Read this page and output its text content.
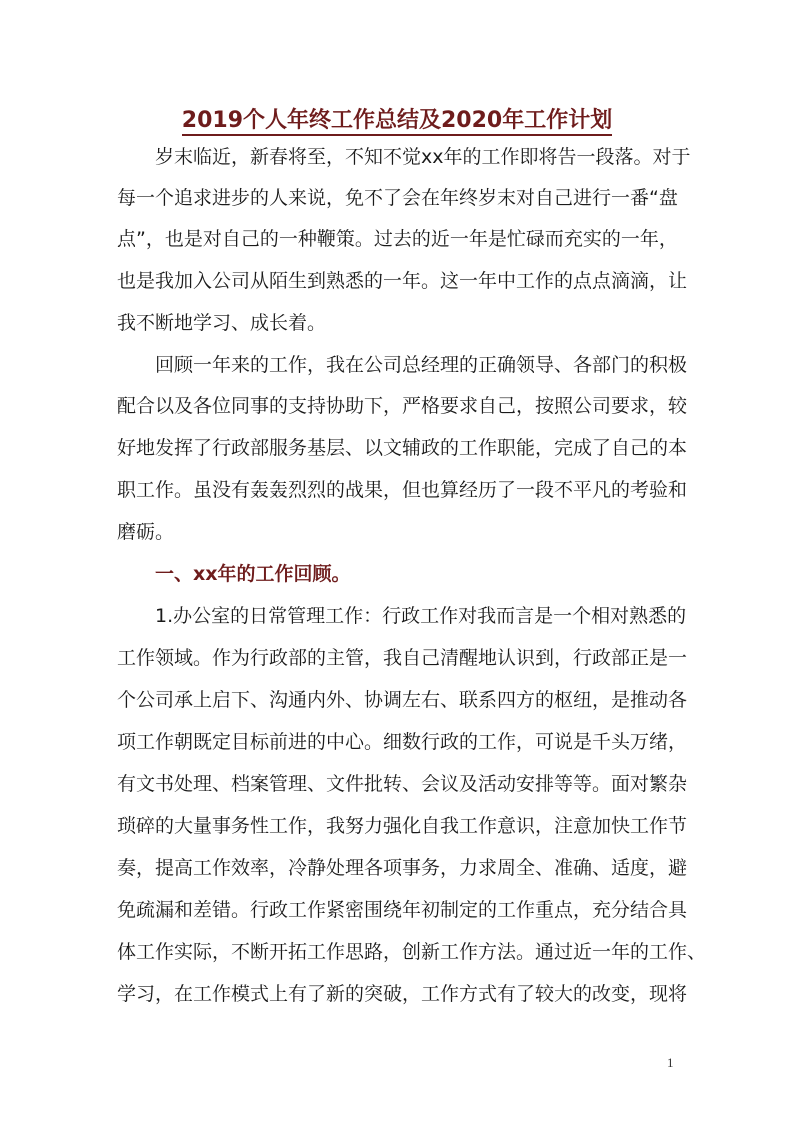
2019个人年终工作总结及2020年工作计划
岁末临近，新春将至，不知不觉xx年的工作即将告一段落。对于
每一个追求进步的人来说，免不了会在年终岁末对自己进行一番“盘
点”，也是对自己的一种鞭策。过去的近一年是忙碌而充实的一年，
也是我加入公司从陌生到熟悉的一年。这一年中工作的点点滴滴，让
我不断地学习、成长着。
回顾一年来的工作，我在公司总经理的正确领导、各部门的积极
配合以及各位同事的支持协助下，严格要求自己，按照公司要求，较
好地发挥了行政部服务基层、以文辅政的工作职能，完成了自己的本
职工作。虽没有轰轰烈烈的战果，但也算经历了一段不平凡的考验和
磨砺。
一、xx年的工作回顾。
1.办公室的日常管理工作：行政工作对我而言是一个相对熟悉的
工作领域。作为行政部的主管，我自己清醒地认识到，行政部正是一
个公司承上启下、沟通内外、协调左右、联系四方的枢纽，是推动各
项工作朝既定目标前进的中心。细数行政的工作，可说是千头万绪，
有文书处理、档案管理、文件批转、会议及活动安排等等。面对繁杂
琐碎的大量事务性工作，我努力强化自我工作意识，注意加快工作节
奏，提高工作效率，冷静处理各项事务，力求周全、准确、适度，避
免疏漏和差错。行政工作紧密围绕年初制定的工作重点，充分结合具
体工作实际，不断开拓工作思路，创新工作方法。通过近一年的工作、
学习，在工作模式上有了新的突破，工作方式有了较大的改变，现将
1
